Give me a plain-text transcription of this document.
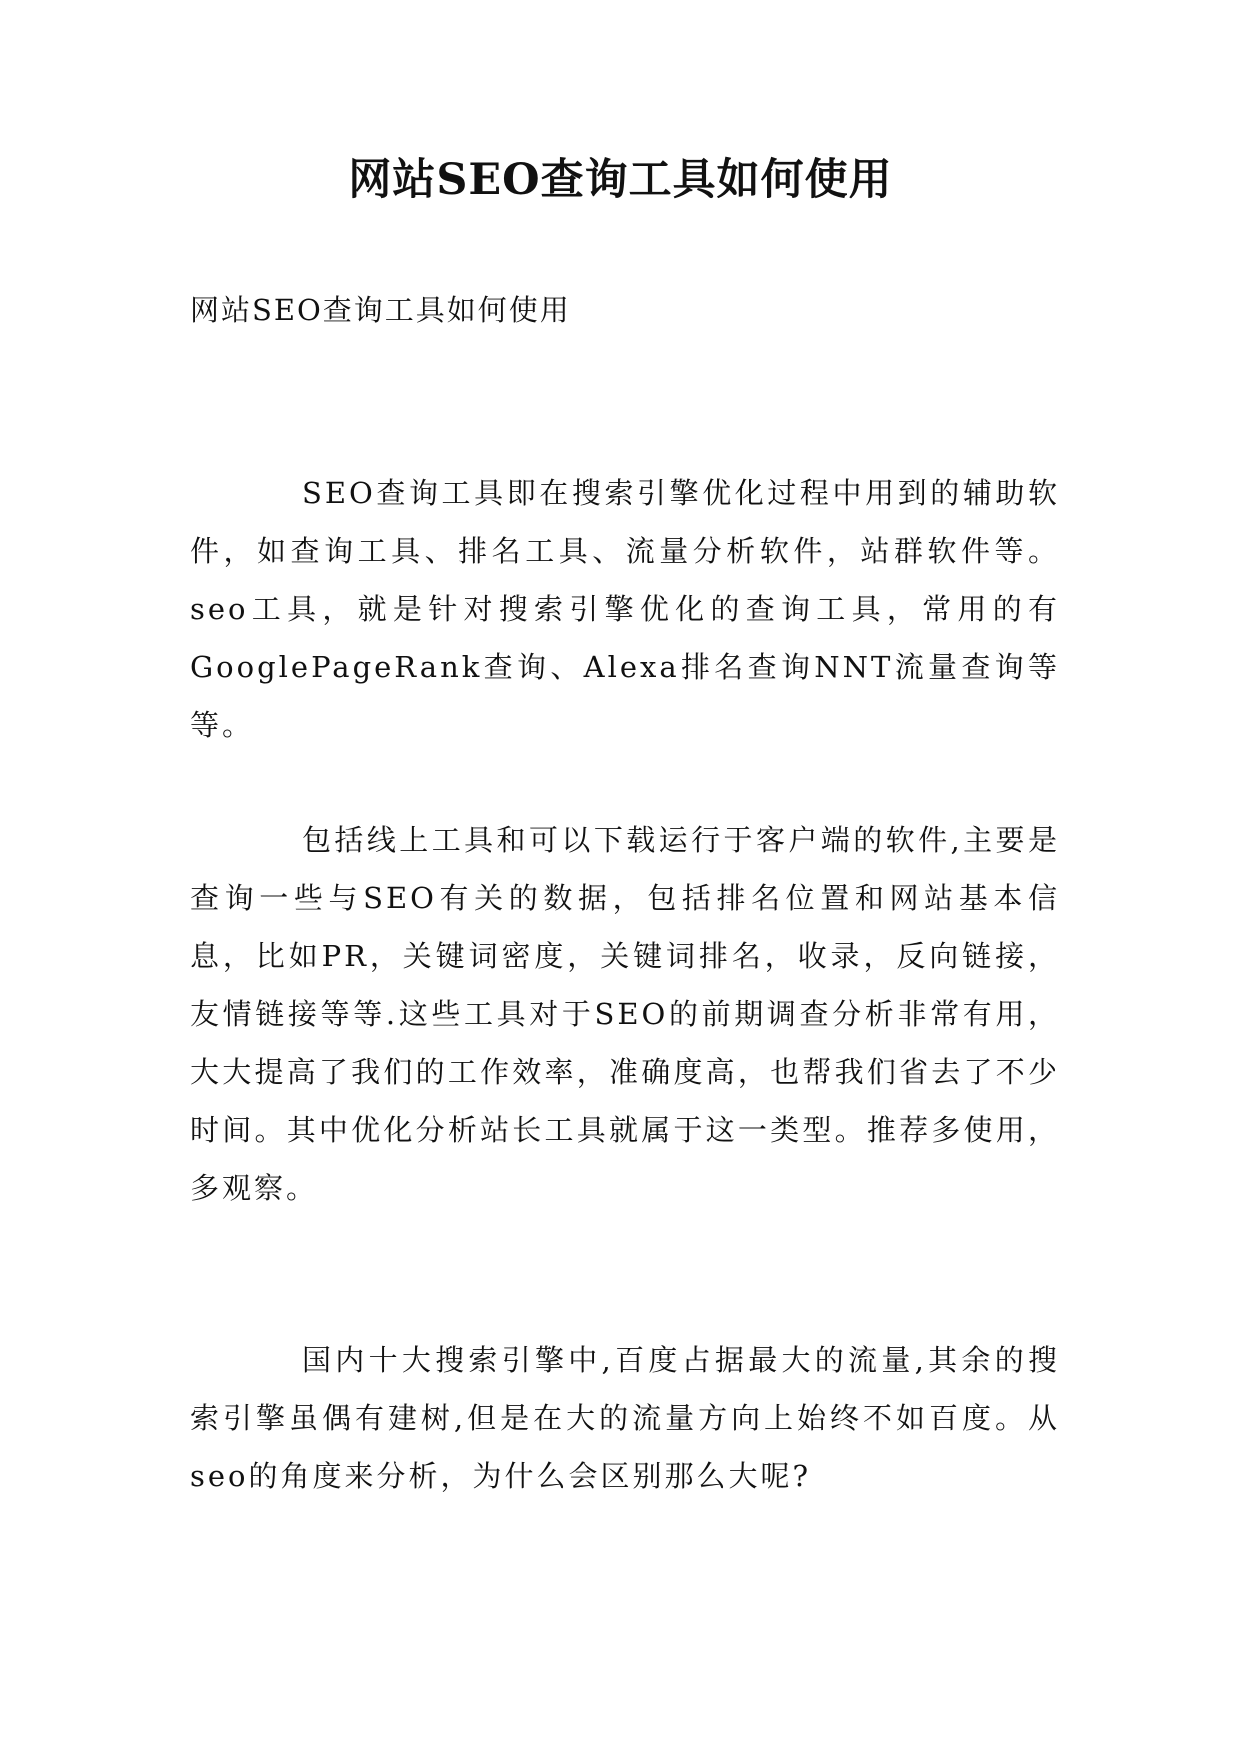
网站SEO查询工具如何使用

网站SEO查询工具如何使用

SEO查询工具即在搜索引擎优化过程中用到的辅助软件，如查询工具、排名工具、流量分析软件，站群软件等。seo工具，就是针对搜索引擎优化的查询工具，常用的有GooglePageRank查询、Alexa排名查询NNT流量查询等等。

包括线上工具和可以下载运行于客户端的软件,主要是查询一些与SEO有关的数据，包括排名位置和网站基本信息，比如PR，关键词密度，关键词排名，收录，反向链接，友情链接等等.这些工具对于SEO的前期调查分析非常有用，大大提高了我们的工作效率，准确度高，也帮我们省去了不少时间。其中优化分析站长工具就属于这一类型。推荐多使用，多观察。

国内十大搜索引擎中,百度占据最大的流量,其余的搜索引擎虽偶有建树,但是在大的流量方向上始终不如百度。从seo的角度来分析，为什么会区别那么大呢?
